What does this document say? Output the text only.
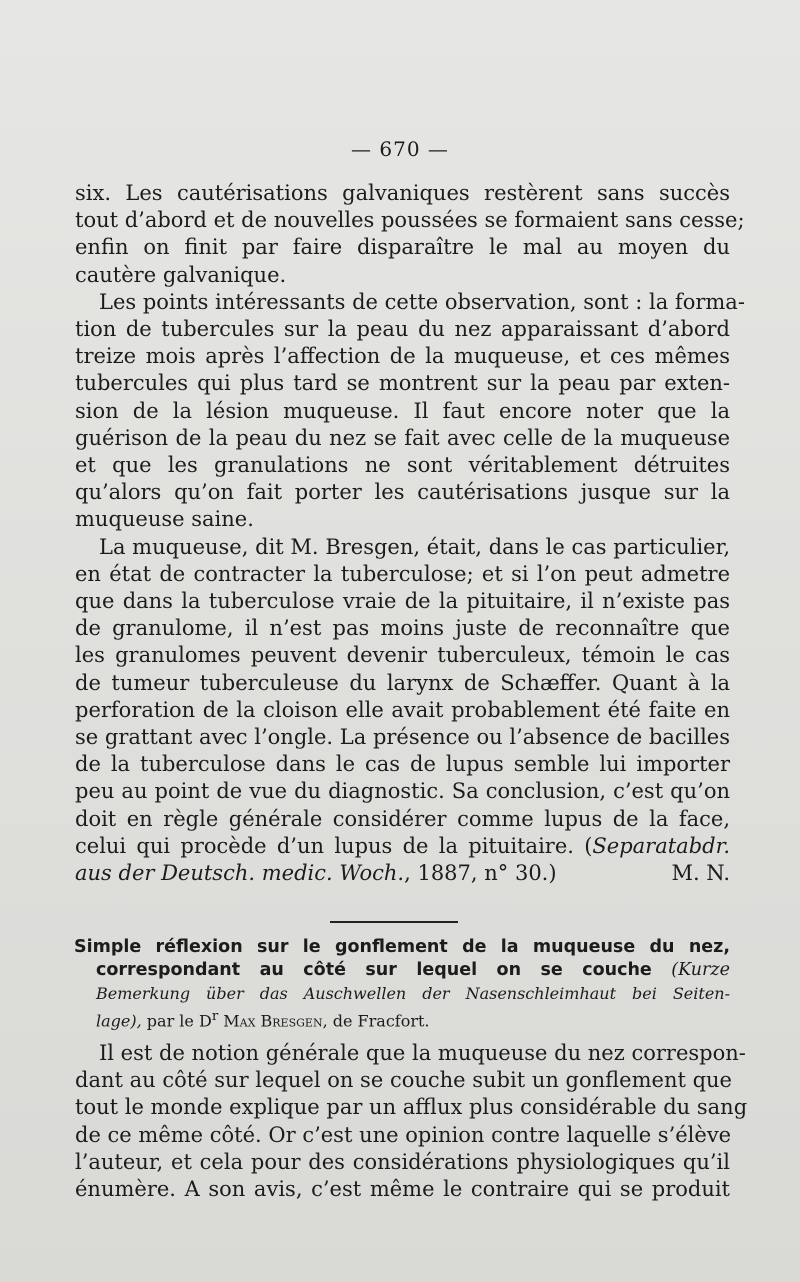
— 670 —
six. Les cautérisations galvaniques restèrent sans succès
tout d’abord et de nouvelles poussées se formaient sans cesse;
enfin on finit par faire disparaître le mal au moyen du
cautère galvanique.
Les points intéressants de cette observation, sont : la forma-
tion de tubercules sur la peau du nez apparaissant d’abord
treize mois après l’affection de la muqueuse, et ces mêmes
tubercules qui plus tard se montrent sur la peau par exten-
sion de la lésion muqueuse. Il faut encore noter que la
guérison de la peau du nez se fait avec celle de la muqueuse
et que les granulations ne sont véritablement détruites
qu’alors qu’on fait porter les cautérisations jusque sur la
muqueuse saine.
La muqueuse, dit M. Bresgen, était, dans le cas particulier,
en état de contracter la tuberculose; et si l’on peut admetre
que dans la tuberculose vraie de la pituitaire, il n’existe pas
de granulome, il n’est pas moins juste de reconnaître que
les granulomes peuvent devenir tuberculeux, témoin le cas
de tumeur tuberculeuse du larynx de Schæffer. Quant à la
perforation de la cloison elle avait probablement été faite en
se grattant avec l’ongle. La présence ou l’absence de bacilles
de la tuberculose dans le cas de lupus semble lui importer
peu au point de vue du diagnostic. Sa conclusion, c’est qu’on
doit en règle générale considérer comme lupus de la face,
celui qui procède d’un lupus de la pituitaire. (Separatabdr.
aus der Deutsch. medic. Woch., 1887, n° 30.)	M. N.
Simple réflexion sur le gonflement de la muqueuse du nez,
correspondant au côté sur lequel on se couche (Kurze
Bemerkung über das Auschwellen der Nasenschleimhaut bei Seiten-
lage), par le $D^r$ Max Bresgen, de Fracfort.
Il est de notion générale que la muqueuse du nez correspon-
dant au côté sur lequel on se couche subit un gonflement que
tout le monde explique par un afflux plus considérable du sang
de ce même côté. Or c’est une opinion contre laquelle s’élève
l’auteur, et cela pour des considérations physiologiques qu’il
énumère. A son avis, c’est même le contraire qui se produit
